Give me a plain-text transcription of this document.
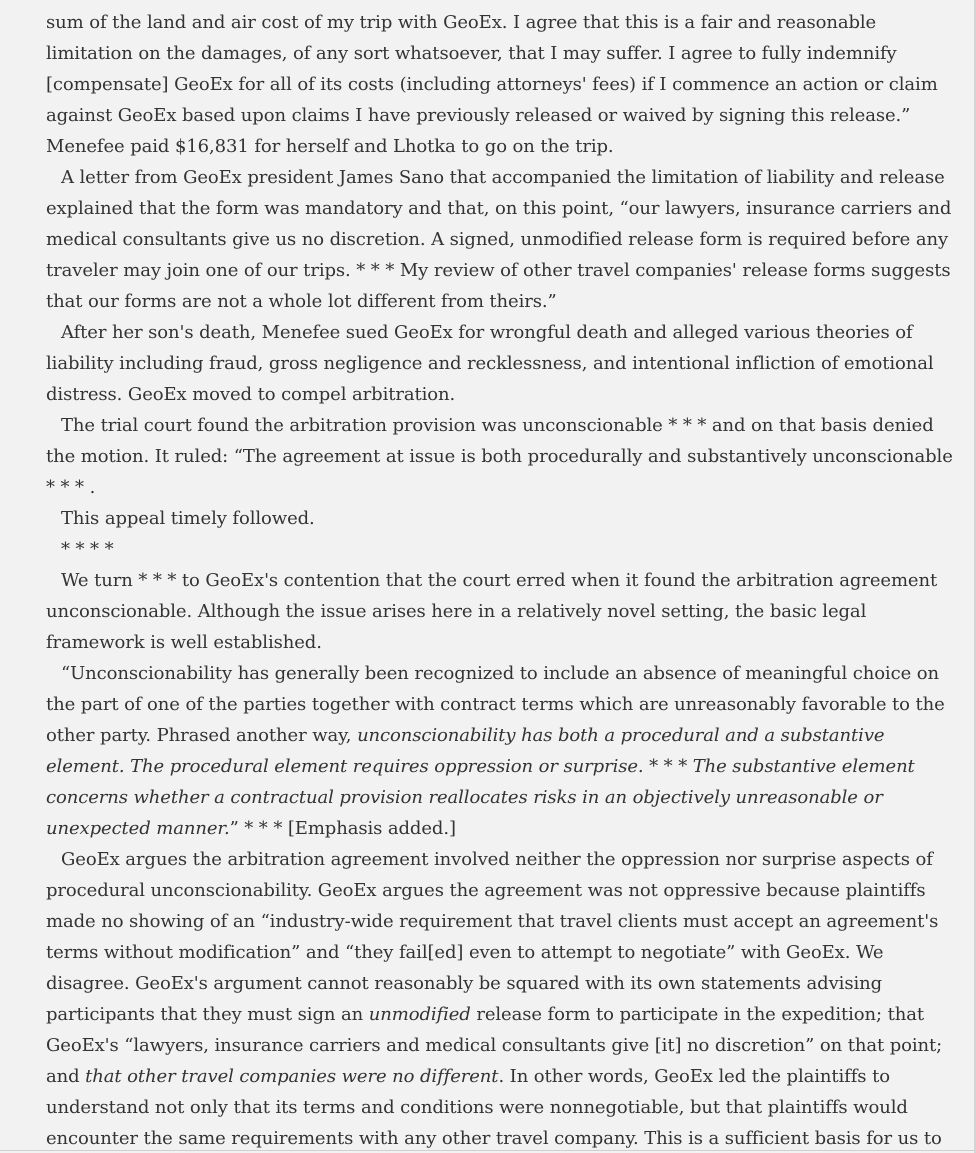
sum of the land and air cost of my trip with GeoEx. I agree that this is a fair and reasonable limitation on the damages, of any sort whatsoever, that I may suffer. I agree to fully indemnify [compensate] GeoEx for all of its costs (including attorneys' fees) if I commence an action or claim against GeoEx based upon claims I have previously released or waived by signing this release.” Menefee paid $16,831 for herself and Lhotka to go on the trip.

A letter from GeoEx president James Sano that accompanied the limitation of liability and release explained that the form was mandatory and that, on this point, “our lawyers, insurance carriers and medical consultants give us no discretion. A signed, unmodified release form is required before any traveler may join one of our trips. * * * My review of other travel companies' release forms suggests that our forms are not a whole lot different from theirs.”

After her son's death, Menefee sued GeoEx for wrongful death and alleged various theories of liability including fraud, gross negligence and recklessness, and intentional infliction of emotional distress. GeoEx moved to compel arbitration.

The trial court found the arbitration provision was unconscionable * * * and on that basis denied the motion. It ruled: “The agreement at issue is both procedurally and substantively unconscionable * * * .

This appeal timely followed.

* * * *

We turn * * * to GeoEx's contention that the court erred when it found the arbitration agreement unconscionable. Although the issue arises here in a relatively novel setting, the basic legal framework is well established.

“Unconscionability has generally been recognized to include an absence of meaningful choice on the part of one of the parties together with contract terms which are unreasonably favorable to the other party. Phrased another way, unconscionability has both a procedural and a substantive element. The procedural element requires oppression or surprise. * * * The substantive element concerns whether a contractual provision reallocates risks in an objectively unreasonable or unexpected manner.” * * * [Emphasis added.]

GeoEx argues the arbitration agreement involved neither the oppression nor surprise aspects of procedural unconscionability. GeoEx argues the agreement was not oppressive because plaintiffs made no showing of an “industry-wide requirement that travel clients must accept an agreement's terms without modification” and “they fail[ed] even to attempt to negotiate” with GeoEx. We disagree. GeoEx's argument cannot reasonably be squared with its own statements advising participants that they must sign an unmodified release form to participate in the expedition; that GeoEx's “lawyers, insurance carriers and medical consultants give [it] no discretion” on that point; and that other travel companies were no different. In other words, GeoEx led the plaintiffs to understand not only that its terms and conditions were nonnegotiable, but that plaintiffs would encounter the same requirements with any other travel company. This is a sufficient basis for us to
